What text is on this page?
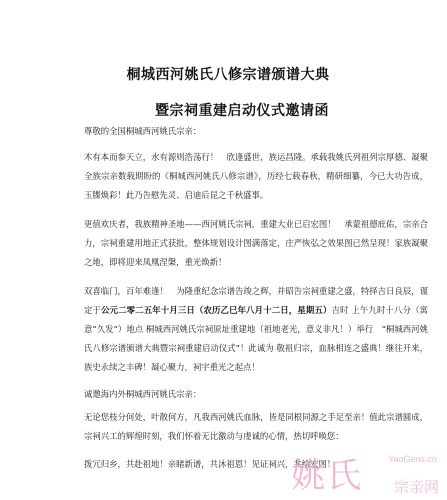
桐城西河姚氏八修宗谱颁谱大典
暨宗祠重建启动仪式邀请函

尊敬的全国桐城西河姚氏宗亲：

木有本而参天立，水有源则浩荡行！　欣逢盛世，族运昌隆。承载我姚氏列祖列宗厚德、凝聚全族宗亲数载期盼的《桐城西河姚氏八修宗谱》，历经七载春秋，精研细纂，今已大功告成，玉牒焕彩！此乃告慰先灵、启迪后昆之千秋盛事。

更值欢庆者，我族精神圣地——西河姚氏宗祠，重建大业已启宏图！　承蒙祖德庇佑，宗亲合力，宗祠重建用地正式获批，整体规划设计图满落定，庄严恢弘之效果图已然呈现！家族凝聚之地，即将迎来凤凰涅槃，重光焕新！

双喜临门，百年难逢！　为隆重纪念宗谱告竣之辉，并昭告宗祠重建之盛，特择吉日良辰，谨定于公元二零二五年十月三日（农历乙巳年八月十二日，星期五）吉时 上午九时十八分（寓意“久发”）地点 桐城西河姚氏宗祠原址重建地（祖地老光，意义非凡！）举行　“桐城西河姚氏八修宗谱颁谱大典暨宗祠重建启动仪式”！此诚为 敬祖归宗，血脉相连之盛典！继往开来，族史永续之丰碑！凝心聚力，祠宇重光之起点！

诚邀海内外桐城西河姚氏宗亲：

无论您枝分何处，叶散何方，凡我西河姚氏血脉，皆是同根同源之手足至亲！值此宗谱圆成，宗祠兴工的辉煌时刻，我们怀着无比激动与虔诚的心情，热切呼唤您：

拨冗归乡，共赴祖地！亲睹新谱，共沐祖恩！见证祠兴，共绘宏图！

姚氏	YaoGens.cn
宗亲网
